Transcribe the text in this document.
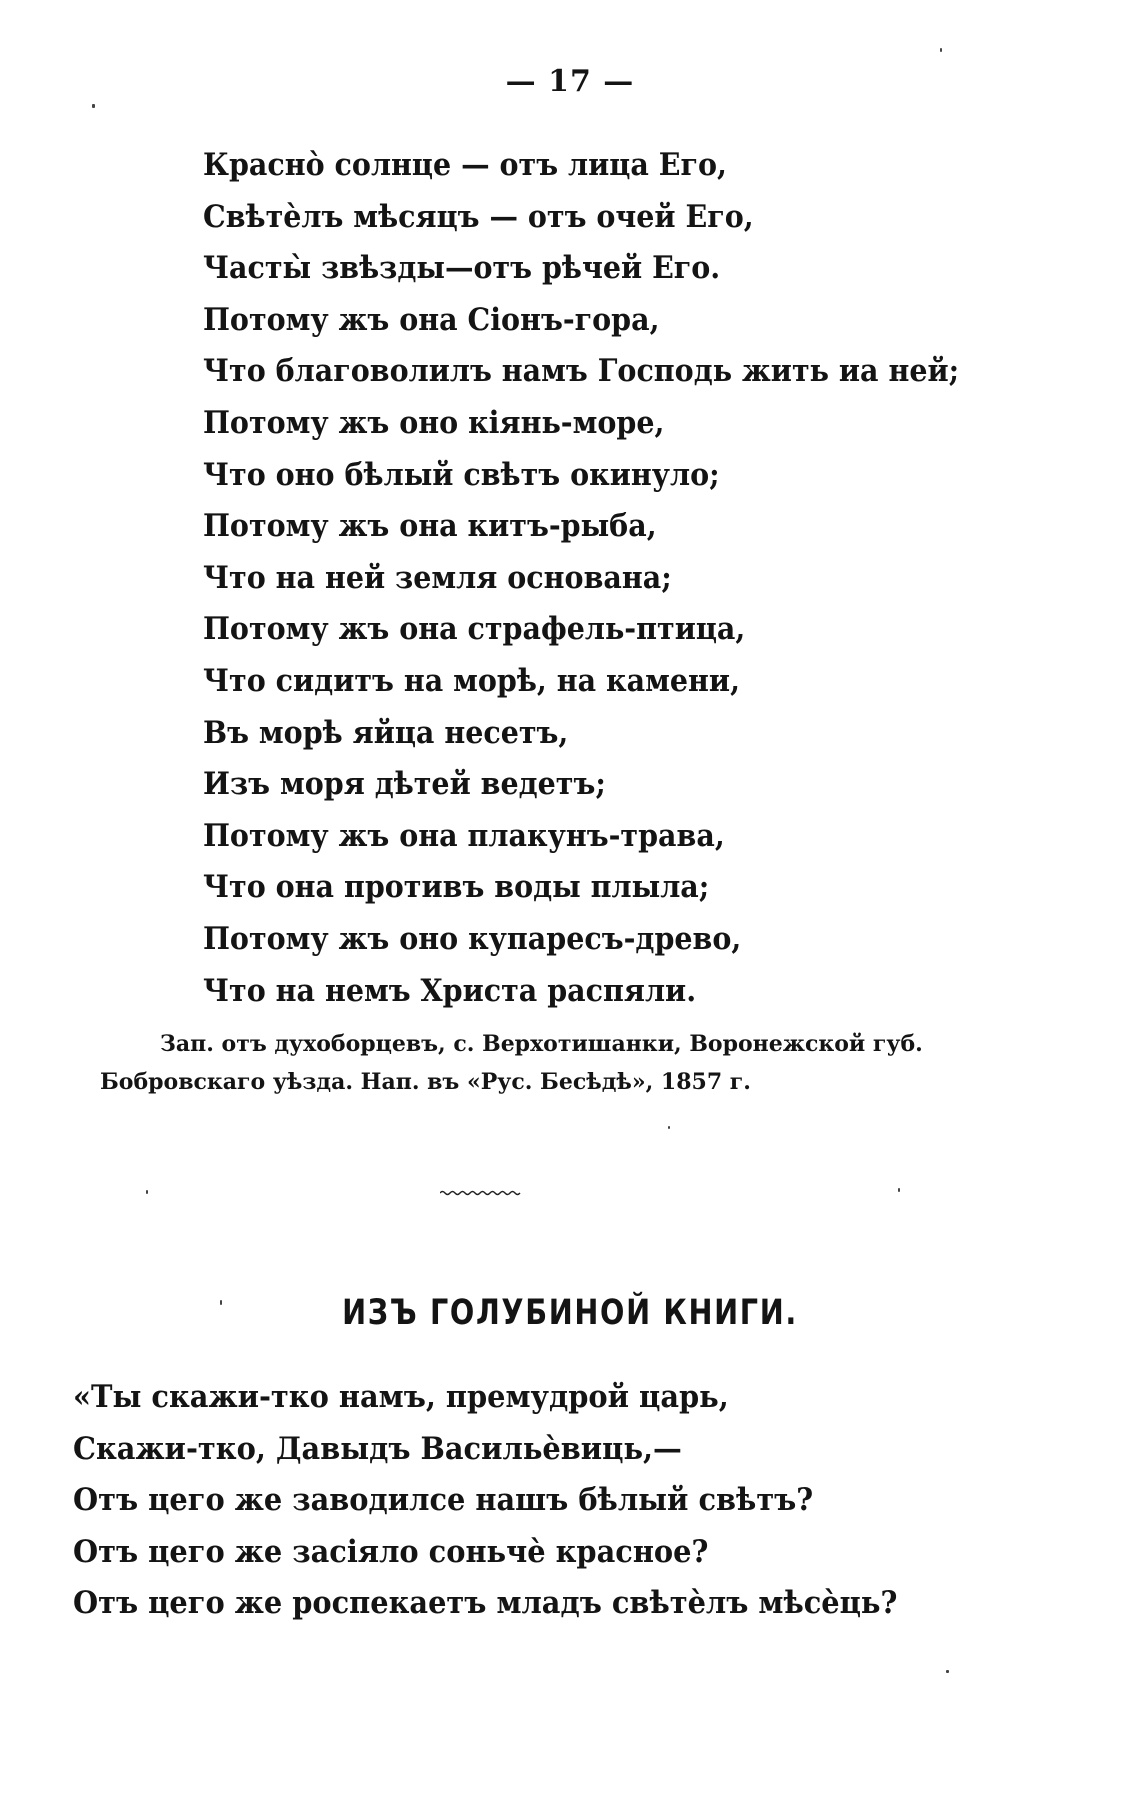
— 17 —
Красно̀ солнце — отъ лица Его,
Свѣтѐлъ мѣсяцъ — отъ очей Его,
Часты̀ звѣзды—отъ рѣчей Его.
Потому жъ она Сіонъ-гора,
Что благоволилъ намъ Господь жить иа ней;
Потому жъ оно кіянь-море,
Что оно бѣлый свѣтъ окинуло;
Потому жъ она китъ-рыба,
Что на ней земля основана;
Потому жъ она страфель-птица,
Что сидитъ на морѣ, на камени,
Въ морѣ яйца несетъ,
Изъ моря дѣтей ведетъ;
Потому жъ она плакунъ-трава,
Что она противъ воды плыла;
Потому жъ оно купаресъ-древо,
Что на немъ Христа распяли.
Зап. отъ духоборцевъ, с. Верхотишанки, Воронежской губ.
Бобровскаго уѣзда. Нап. въ «Рус. Бесѣдѣ», 1857 г.
ИЗЪ ГОЛУБИНОЙ КНИГИ.
«Ты скажи-тко намъ, премудрой царь,
Скажи-тко, Давыдъ Васильѐвиць,—
Отъ цего же заводилсе нашъ бѣлый свѣтъ?
Отъ цего же засіяло соньчѐ красное?
Отъ цего же роспекаетъ младъ свѣтѐлъ мѣсѐць?
